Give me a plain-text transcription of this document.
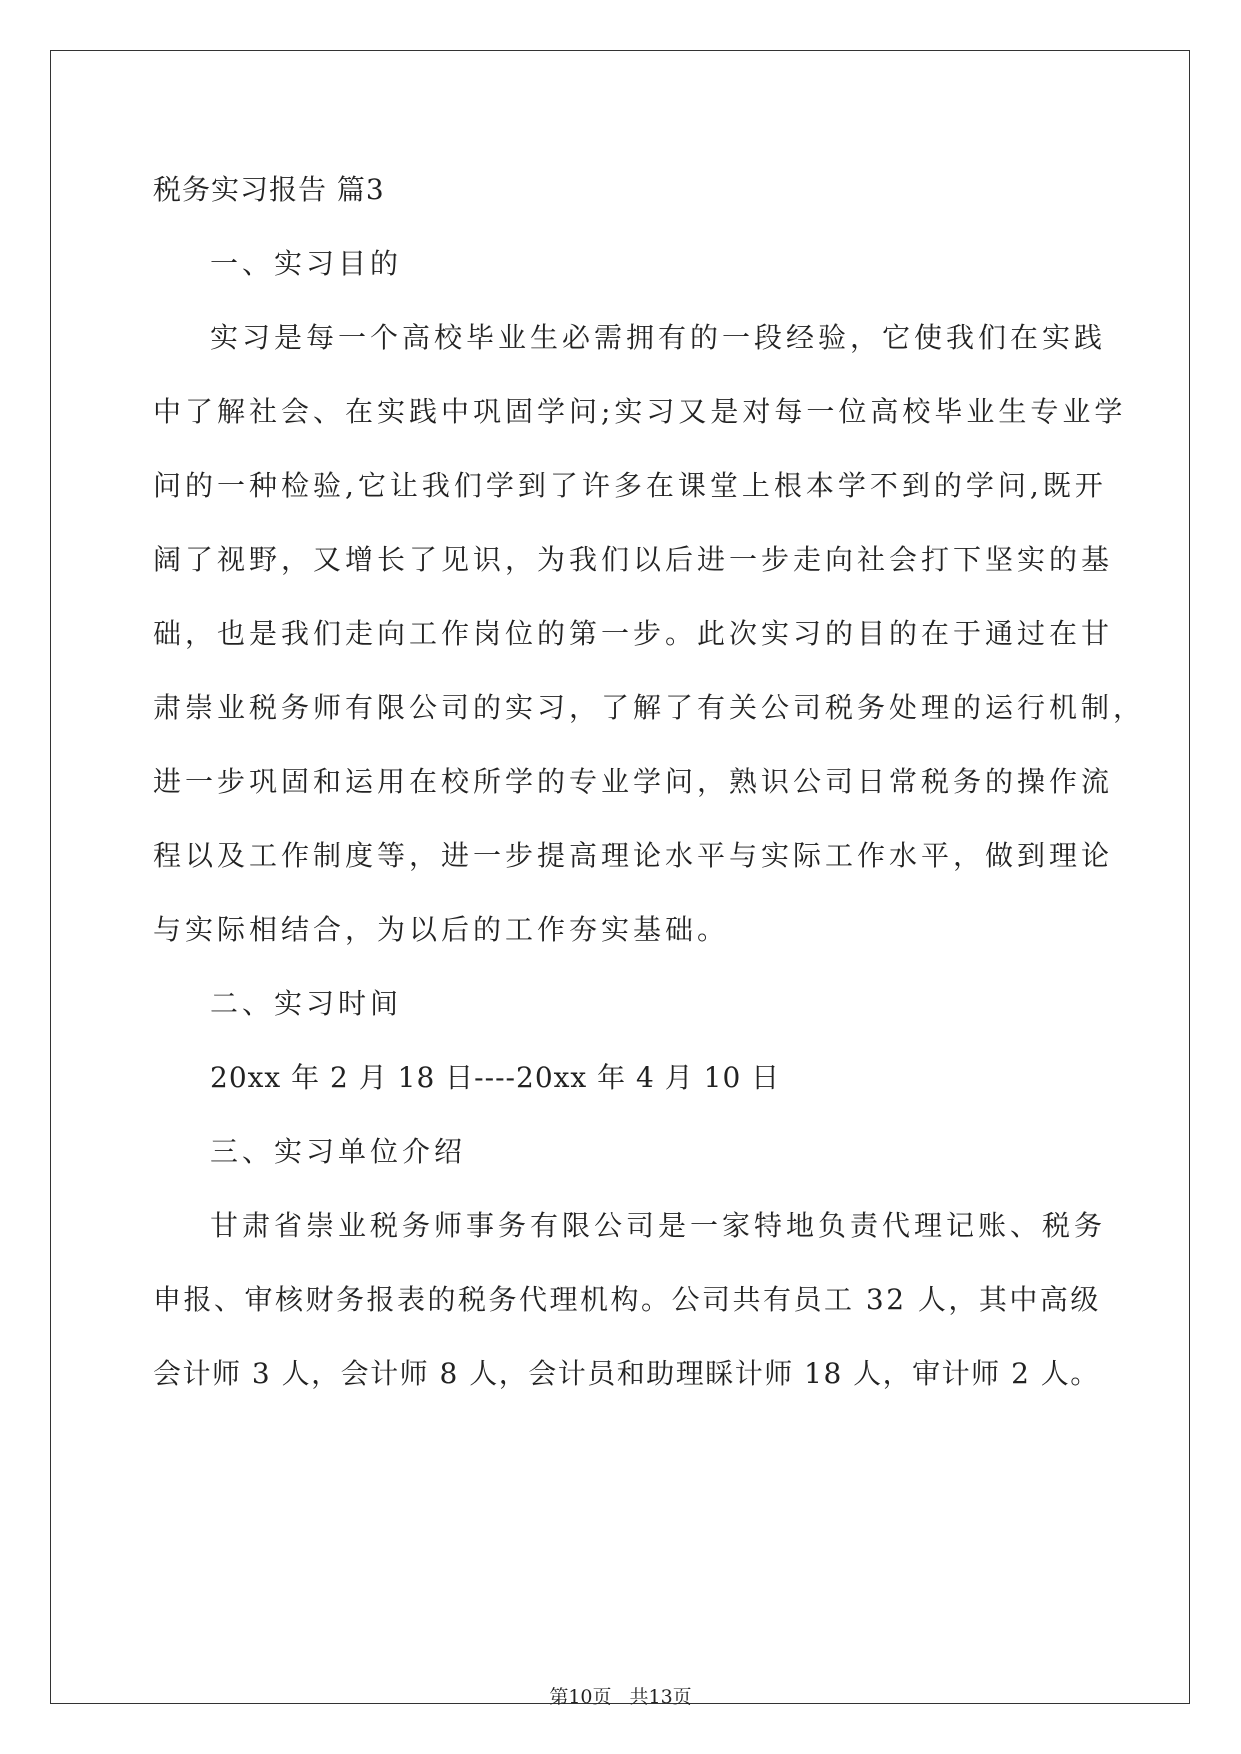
税务实习报告 篇3
一、实习目的
实习是每一个高校毕业生必需拥有的一段经验，它使我们在实践
中了解社会、在实践中巩固学问;实习又是对每一位高校毕业生专业学
问的一种检验,它让我们学到了许多在课堂上根本学不到的学问,既开
阔了视野，又增长了见识，为我们以后进一步走向社会打下坚实的基
础，也是我们走向工作岗位的第一步。此次实习的目的在于通过在甘
肃崇业税务师有限公司的实习，了解了有关公司税务处理的运行机制，
进一步巩固和运用在校所学的专业学问，熟识公司日常税务的操作流
程以及工作制度等，进一步提高理论水平与实际工作水平，做到理论
与实际相结合，为以后的工作夯实基础。
二、实习时间
20xx 年 2 月 18 日----20xx 年 4 月 10 日
三、实习单位介绍
甘肃省崇业税务师事务有限公司是一家特地负责代理记账、税务
申报、审核财务报表的税务代理机构。公司共有员工 32 人，其中高级
会计师 3 人，会计师 8 人，会计员和助理睬计师 18 人，审计师 2 人。
第10页 共13页
